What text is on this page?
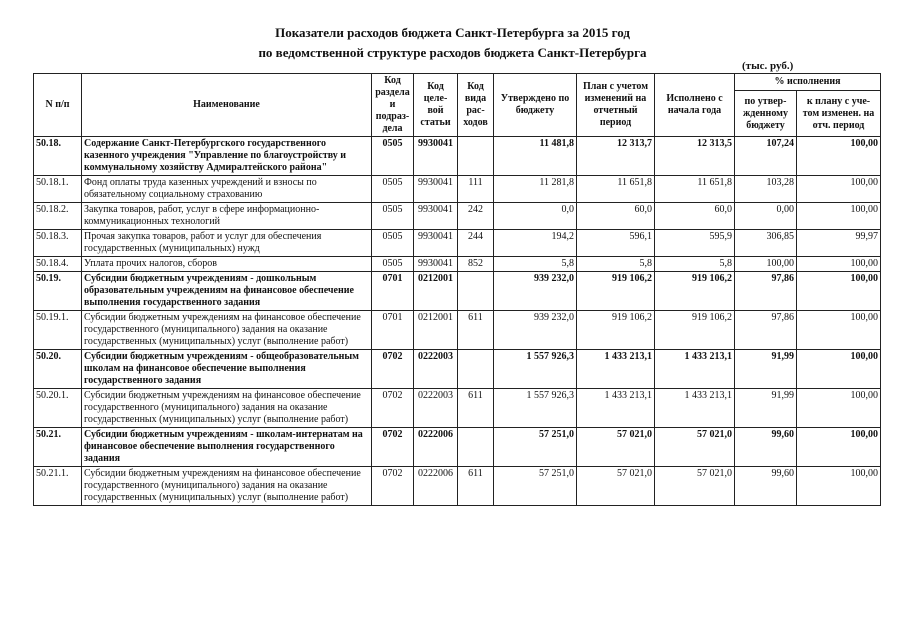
Показатели расходов бюджета Санкт-Петербурга за 2015 год
по ведомственной структуре расходов бюджета Санкт-Петербурга
(тыс. руб.)
N п/п	Наименование	Код раздела и подраз-дела	Код целе-вой статьи	Код вида рас-ходов	Утверждено по бюджету	План с учетом изменений на отчетный период	Исполнено с начала года	% исполнения	
								по утвер-жденному бюджету	к плану с уче-том изменен. на отч. период
50.18.	Содержание Санкт-Петербургского государственного казенного учреждения "Управление по благоустройству и коммунальному хозяйству Адмиралтейского района"	0505	9930041		11 481,8	12 313,7	12 313,5	107,24	100,00
50.18.1.	Фонд оплаты труда казенных учреждений и взносы по обязательному социальному страхованию	0505	9930041	111	11 281,8	11 651,8	11 651,8	103,28	100,00
50.18.2.	Закупка товаров, работ, услуг в сфере информационно-коммуникационных технологий	0505	9930041	242	0,0	60,0	60,0	0,00	100,00
50.18.3.	Прочая закупка товаров, работ и услуг для обеспечения государственных (муниципальных) нужд	0505	9930041	244	194,2	596,1	595,9	306,85	99,97
50.18.4.	Уплата прочих налогов, сборов	0505	9930041	852	5,8	5,8	5,8	100,00	100,00
50.19.	Субсидии бюджетным учреждениям - дошкольным образовательным учреждениям на финансовое обеспечение выполнения государственного задания	0701	0212001		939 232,0	919 106,2	919 106,2	97,86	100,00
50.19.1.	Субсидии бюджетным учреждениям на финансовое обеспечение государственного (муниципального) задания на оказание государственных (муниципальных) услуг (выполнение работ)	0701	0212001	611	939 232,0	919 106,2	919 106,2	97,86	100,00
50.20.	Субсидии бюджетным учреждениям - общеобразовательным школам на финансовое обеспечение выполнения государственного задания	0702	0222003		1 557 926,3	1 433 213,1	1 433 213,1	91,99	100,00
50.20.1.	Субсидии бюджетным учреждениям на финансовое обеспечение государственного (муниципального) задания на оказание государственных (муниципальных) услуг (выполнение работ)	0702	0222003	611	1 557 926,3	1 433 213,1	1 433 213,1	91,99	100,00
50.21.	Субсидии бюджетным учреждениям - школам-интернатам на финансовое обеспечение выполнения государственного задания	0702	0222006		57 251,0	57 021,0	57 021,0	99,60	100,00
50.21.1.	Субсидии бюджетным учреждениям на финансовое обеспечение государственного (муниципального) задания на оказание государственных (муниципальных) услуг (выполнение работ)	0702	0222006	611	57 251,0	57 021,0	57 021,0	99,60	100,00
